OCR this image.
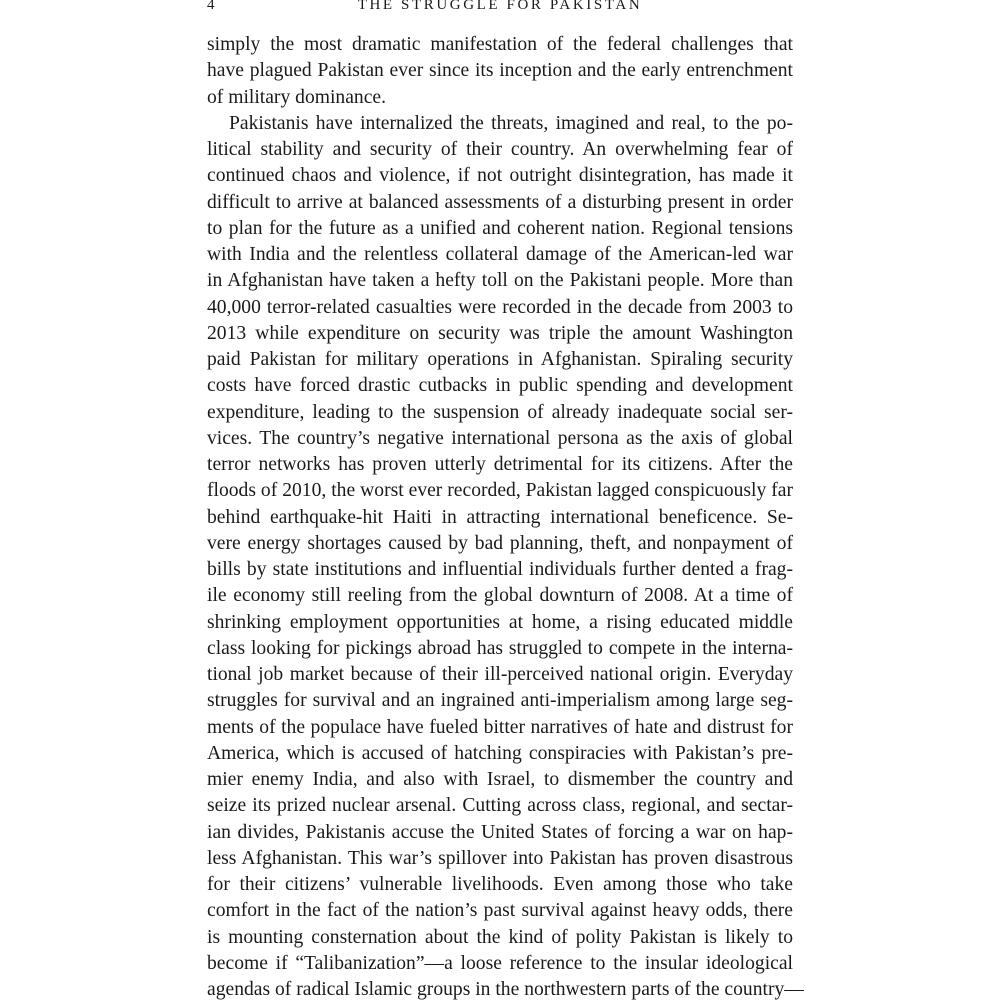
4	THE STRUGGLE FOR PAKISTAN
simply the most dramatic manifestation of the federal challenges that
have plagued Pakistan ever since its inception and the early entrenchment
of military dominance.
Pakistanis have internalized the threats, imagined and real, to the po-
litical stability and security of their country. An overwhelming fear of
continued chaos and violence, if not outright disintegration, has made it
difficult to arrive at balanced assessments of a disturbing present in order
to plan for the future as a unified and coherent nation. Regional tensions
with India and the relentless collateral damage of the American-led war
in Afghanistan have taken a hefty toll on the Pakistani people. More than
40,000 terror-related casualties were recorded in the decade from 2003 to
2013 while expenditure on security was triple the amount Washington
paid Pakistan for military operations in Afghanistan. Spiraling security
costs have forced drastic cutbacks in public spending and development
expenditure, leading to the suspension of already inadequate social ser-
vices. The country’s negative international persona as the axis of global
terror networks has proven utterly detrimental for its citizens. After the
floods of 2010, the worst ever recorded, Pakistan lagged conspicuously far
behind earthquake-hit Haiti in attracting international beneficence. Se-
vere energy shortages caused by bad planning, theft, and nonpayment of
bills by state institutions and influential individuals further dented a frag-
ile economy still reeling from the global downturn of 2008. At a time of
shrinking employment opportunities at home, a rising educated middle
class looking for pickings abroad has struggled to compete in the interna-
tional job market because of their ill-perceived national origin. Everyday
struggles for survival and an ingrained anti-imperialism among large seg-
ments of the populace have fueled bitter narratives of hate and distrust for
America, which is accused of hatching conspiracies with Pakistan’s pre-
mier enemy India, and also with Israel, to dismember the country and
seize its prized nuclear arsenal. Cutting across class, regional, and sectar-
ian divides, Pakistanis accuse the United States of forcing a war on hap-
less Afghanistan. This war’s spillover into Pakistan has proven disastrous
for their citizens’ vulnerable livelihoods. Even among those who take
comfort in the fact of the nation’s past survival against heavy odds, there
is mounting consternation about the kind of polity Pakistan is likely to
become if “Talibanization”—a loose reference to the insular ideological
agendas of radical Islamic groups in the northwestern parts of the country—
